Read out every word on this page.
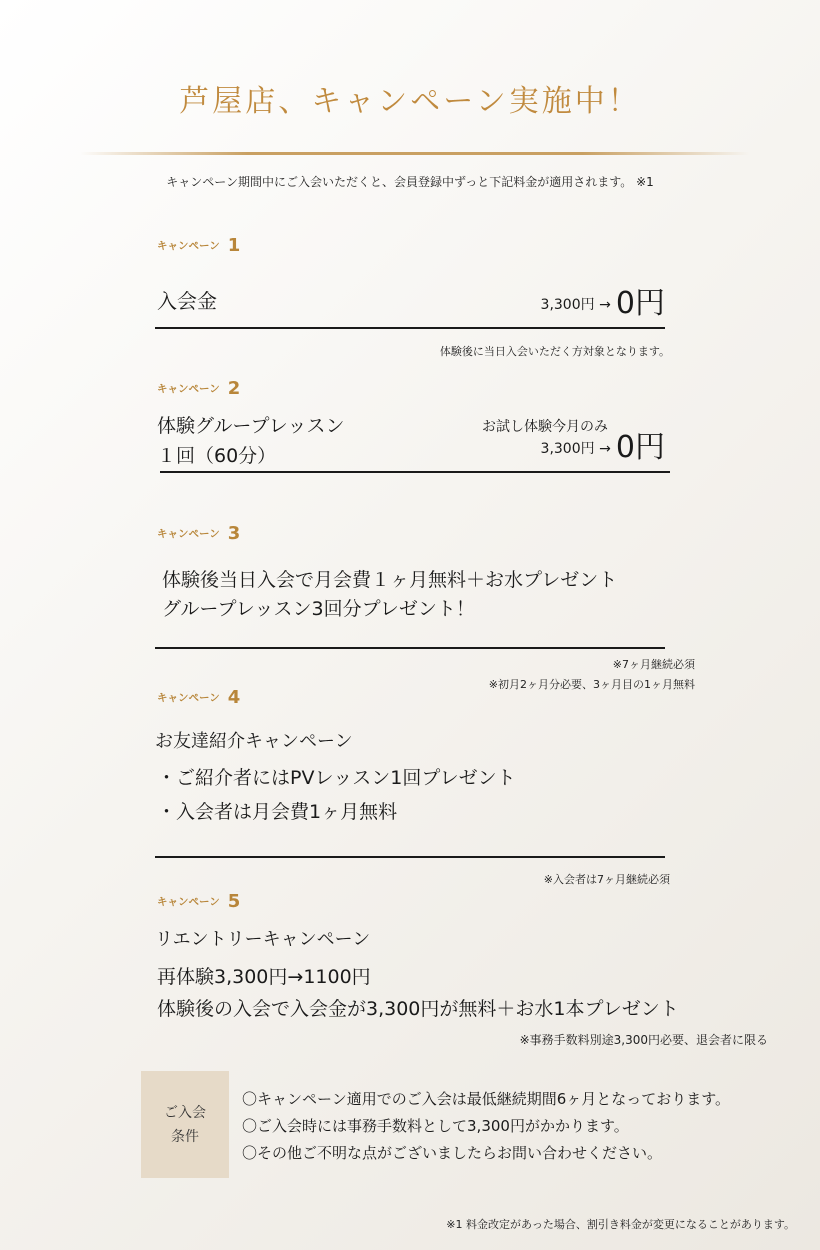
芦屋店、キャンペーン実施中！
キャンペーン期間中にご入会いただくと、会員登録中ずっと下記料金が適用されます。 ※1
キャンペーン 1
入会金	3,300円 → 0円
体験後に当日入会いただく方対象となります。
キャンペーン 2
体験グループレッスン
１回（60分）
お試し体験今月のみ
3,300円 → 0円
キャンペーン 3
体験後当日入会で月会費１ヶ月無料＋お水プレゼント
グループレッスン3回分プレゼント！
※7ヶ月継続必須
※初月2ヶ月分必要、3ヶ月目の1ヶ月無料
キャンペーン 4
お友達紹介キャンペーン
・ご紹介者にはPVレッスン1回プレゼント
・入会者は月会費1ヶ月無料
※入会者は7ヶ月継続必須
キャンペーン 5
リエントリーキャンペーン
再体験3,300円→1100円
体験後の入会で入会金が3,300円が無料＋お水1本プレゼント
※事務手数料別途3,300円必要、退会者に限る
ご入会
条件
〇キャンペーン適用でのご入会は最低継続期間6ヶ月となっております。
〇ご入会時には事務手数料として3,300円がかかります。
〇その他ご不明な点がございましたらお問い合わせください。
※1 料金改定があった場合、割引き料金が変更になることがあります。
